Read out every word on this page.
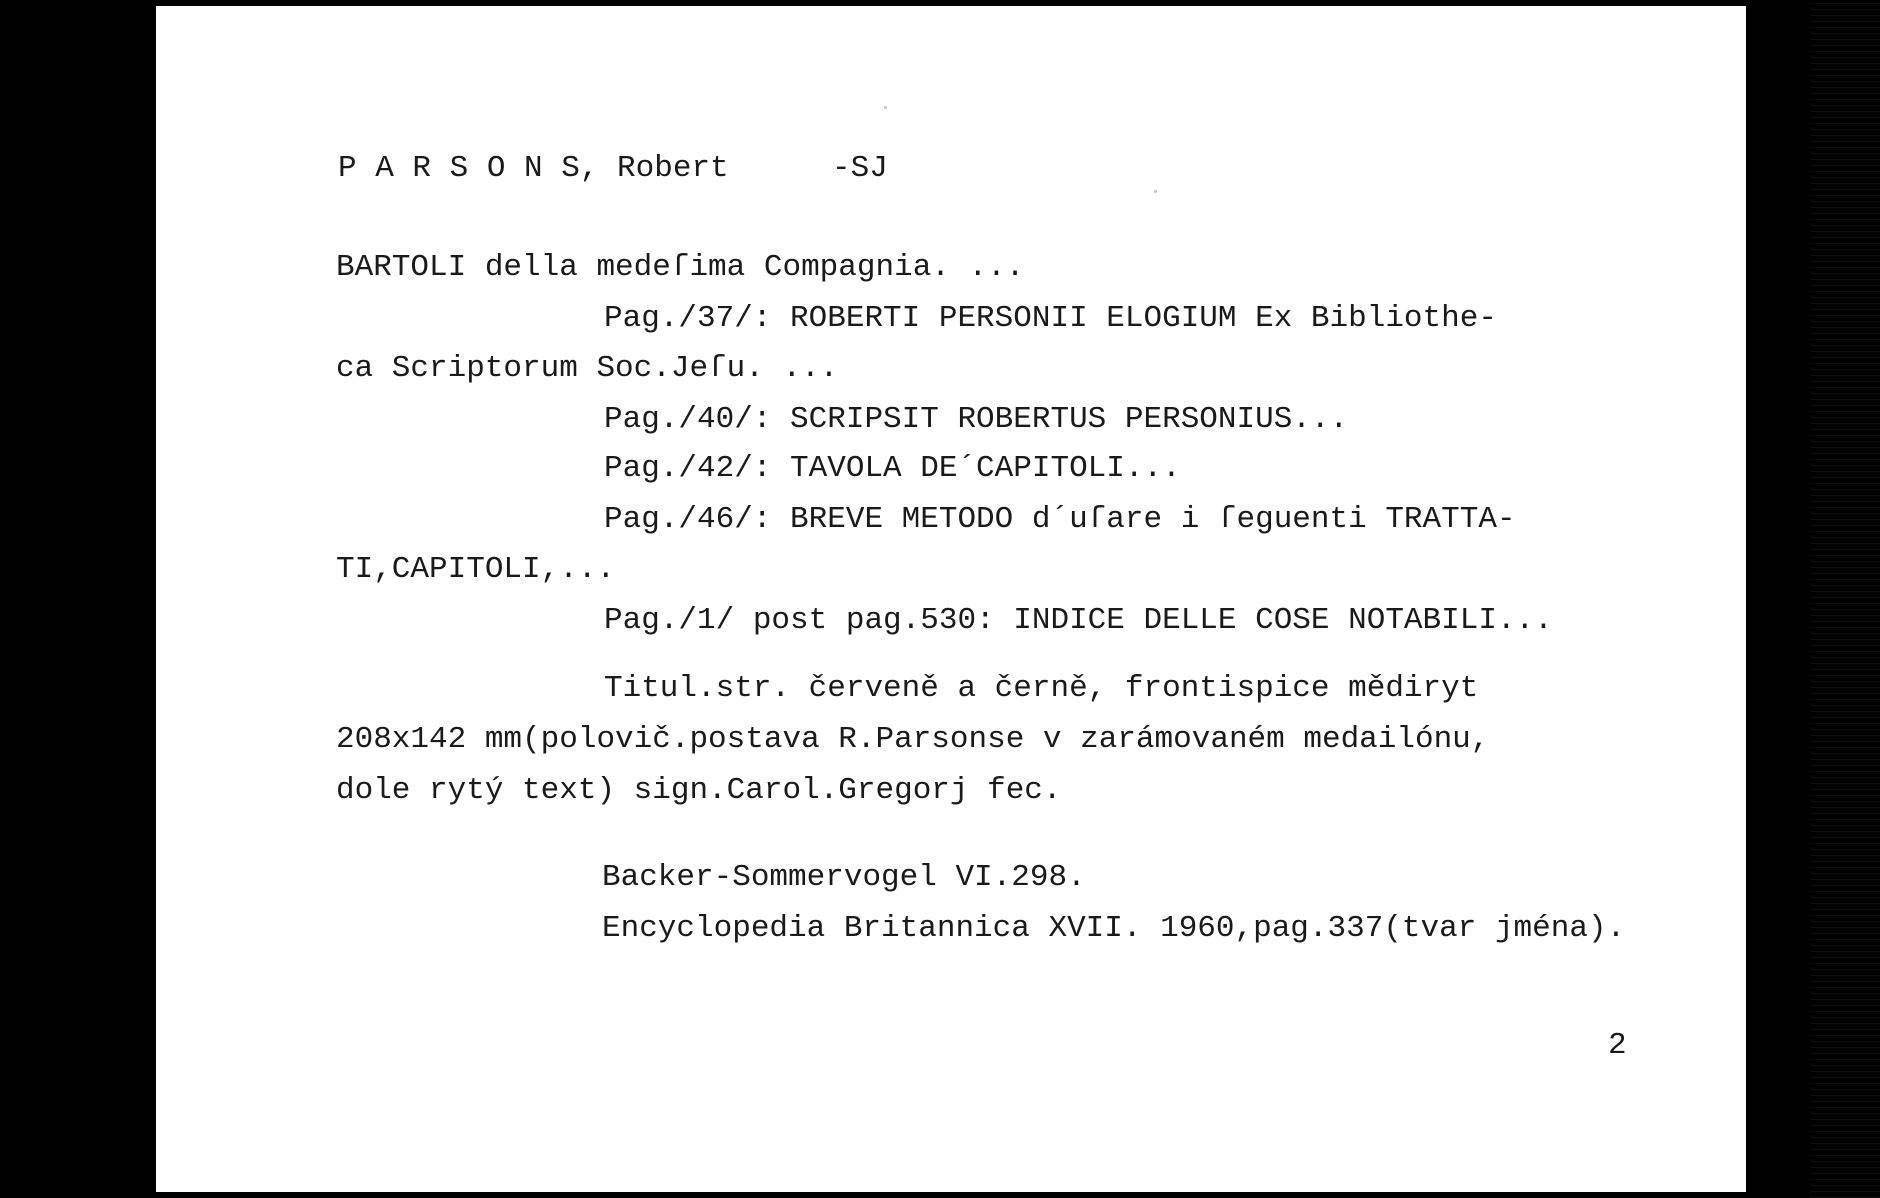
P A R S O N S, Robert	-SJ
BARTOLI della medeſima Compagnia. ...
Pag./37/: ROBERTI PERSONII ELOGIUM Ex Bibliothe-
ca Scriptorum Soc.Jeſu. ...
Pag./40/: SCRIPSIT ROBERTUS PERSONIUS...
Pag./42/: TAVOLA DE´CAPITOLI...
Pag./46/: BREVE METODO d´uſare i ſeguenti TRATTA-
TI,CAPITOLI,...
Pag./1/ post pag.530: INDICE DELLE COSE NOTABILI...
Titul.str. červeně a černě, frontispice mědiryt
208x142 mm(polovič.postava R.Parsonse v zarámovaném medailónu,
dole rytý text) sign.Carol.Gregorj fec.
Backer-Sommervogel VI.298.
Encyclopedia Britannica XVII. 1960,pag.337(tvar jména).
2
